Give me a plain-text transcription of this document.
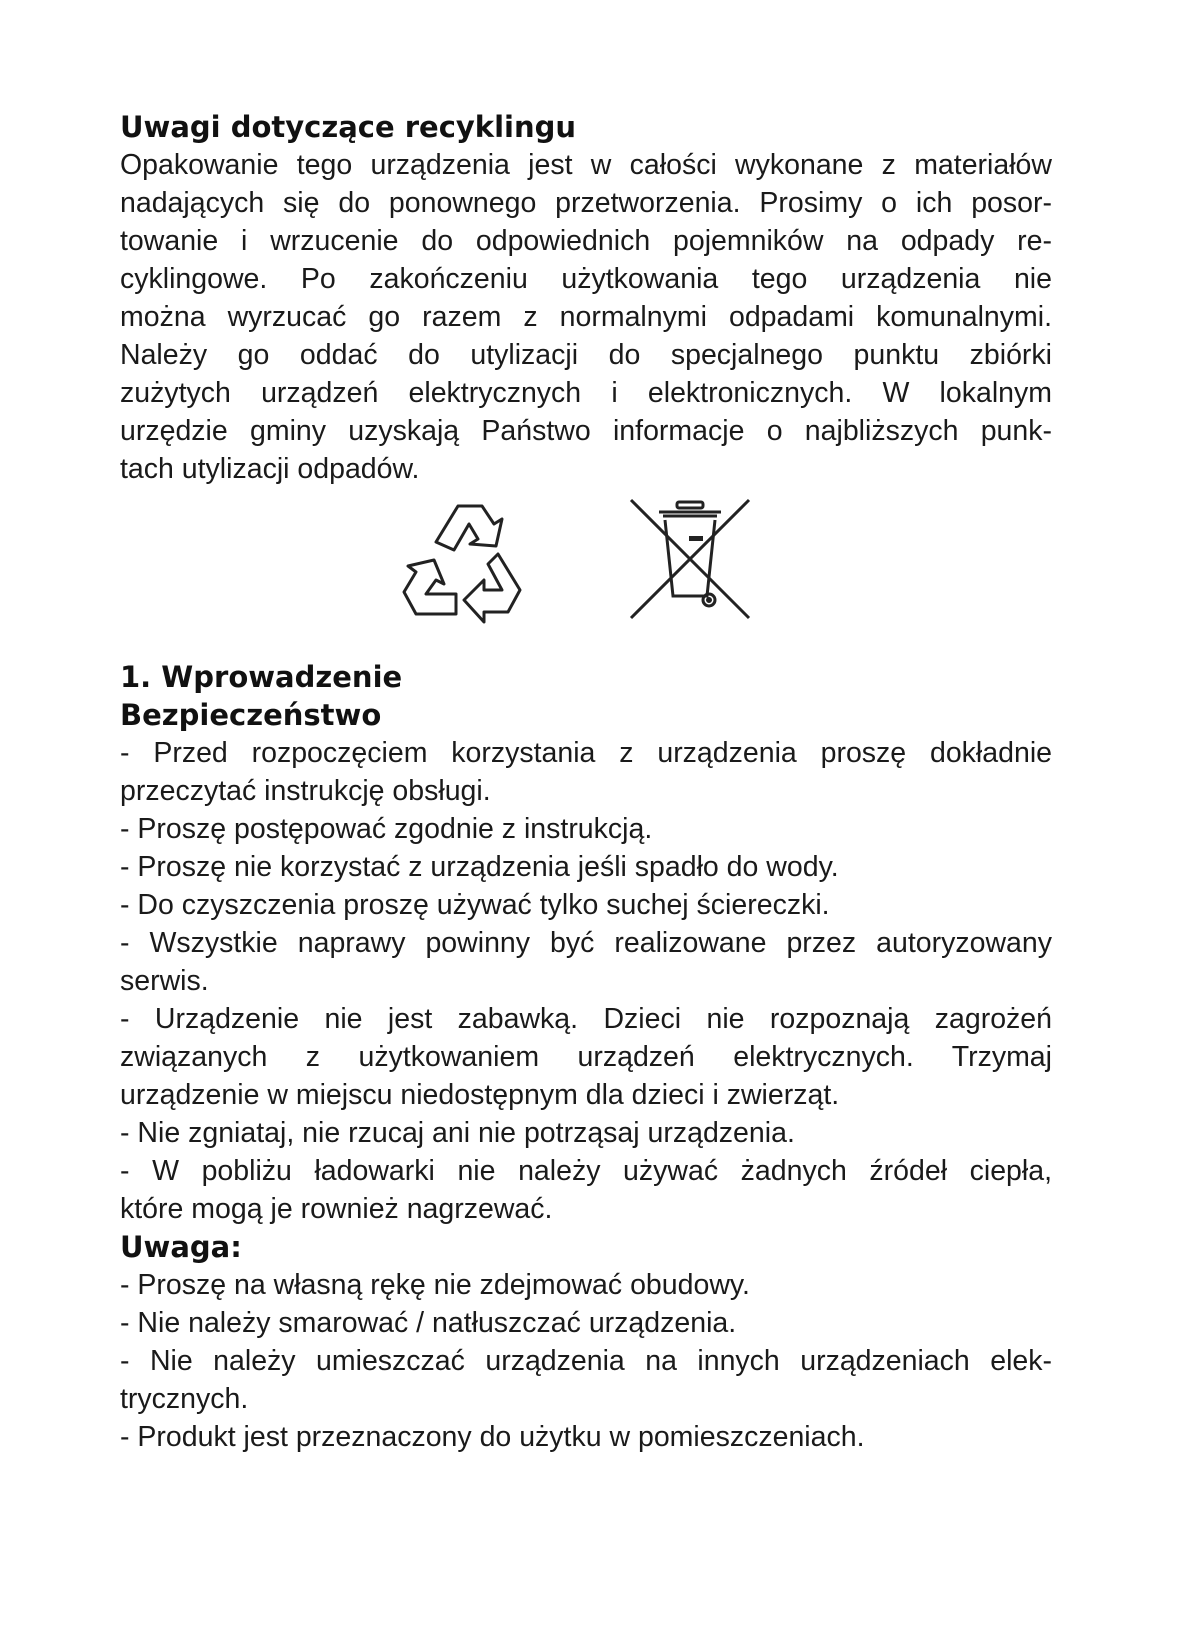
Uwagi dotyczące recyklingu

Opakowanie tego urządzenia jest w całości wykonane z materiałów

nadających się do ponownego przetworzenia. Prosimy o ich posor-

towanie i wrzucenie do odpowiednich pojemników na odpady re-

cyklingowe. Po zakończeniu użytkowania tego urządzenia nie

można wyrzucać go razem z normalnymi odpadami komunalnymi.

Należy go oddać do utylizacji do specjalnego punktu zbiórki

zużytych urządzeń elektrycznych i elektronicznych. W lokalnym

urzędzie gminy uzyskają Państwo informacje o najbliższych punk-

tach utylizacji odpadów.

1. Wprowadzenie
Bezpieczeństwo

- Przed rozpoczęciem korzystania z urządzenia proszę dokładnie

przeczytać instrukcję obsługi.

- Proszę postępować zgodnie z instrukcją.

- Proszę nie korzystać z urządzenia jeśli spadło do wody.

- Do czyszczenia proszę używać tylko suchej ściereczki.

- Wszystkie naprawy powinny być realizowane przez autoryzowany

serwis.

- Urządzenie nie jest zabawką. Dzieci nie rozpoznają zagrożeń

związanych z użytkowaniem urządzeń elektrycznych. Trzymaj

urządzenie w miejscu niedostępnym dla dzieci i zwierząt.

- Nie zgniataj, nie rzucaj ani nie potrząsaj urządzenia.

- W pobliżu ładowarki nie należy używać żadnych źródeł ciepła,

które mogą je rownież nagrzewać.

Uwaga:

- Proszę na własną rękę nie zdejmować obudowy.

- Nie należy smarować / natłuszczać urządzenia.

- Nie należy umieszczać urządzenia na innych urządzeniach elek-

trycznych.

- Produkt jest przeznaczony do użytku w pomieszczeniach.
